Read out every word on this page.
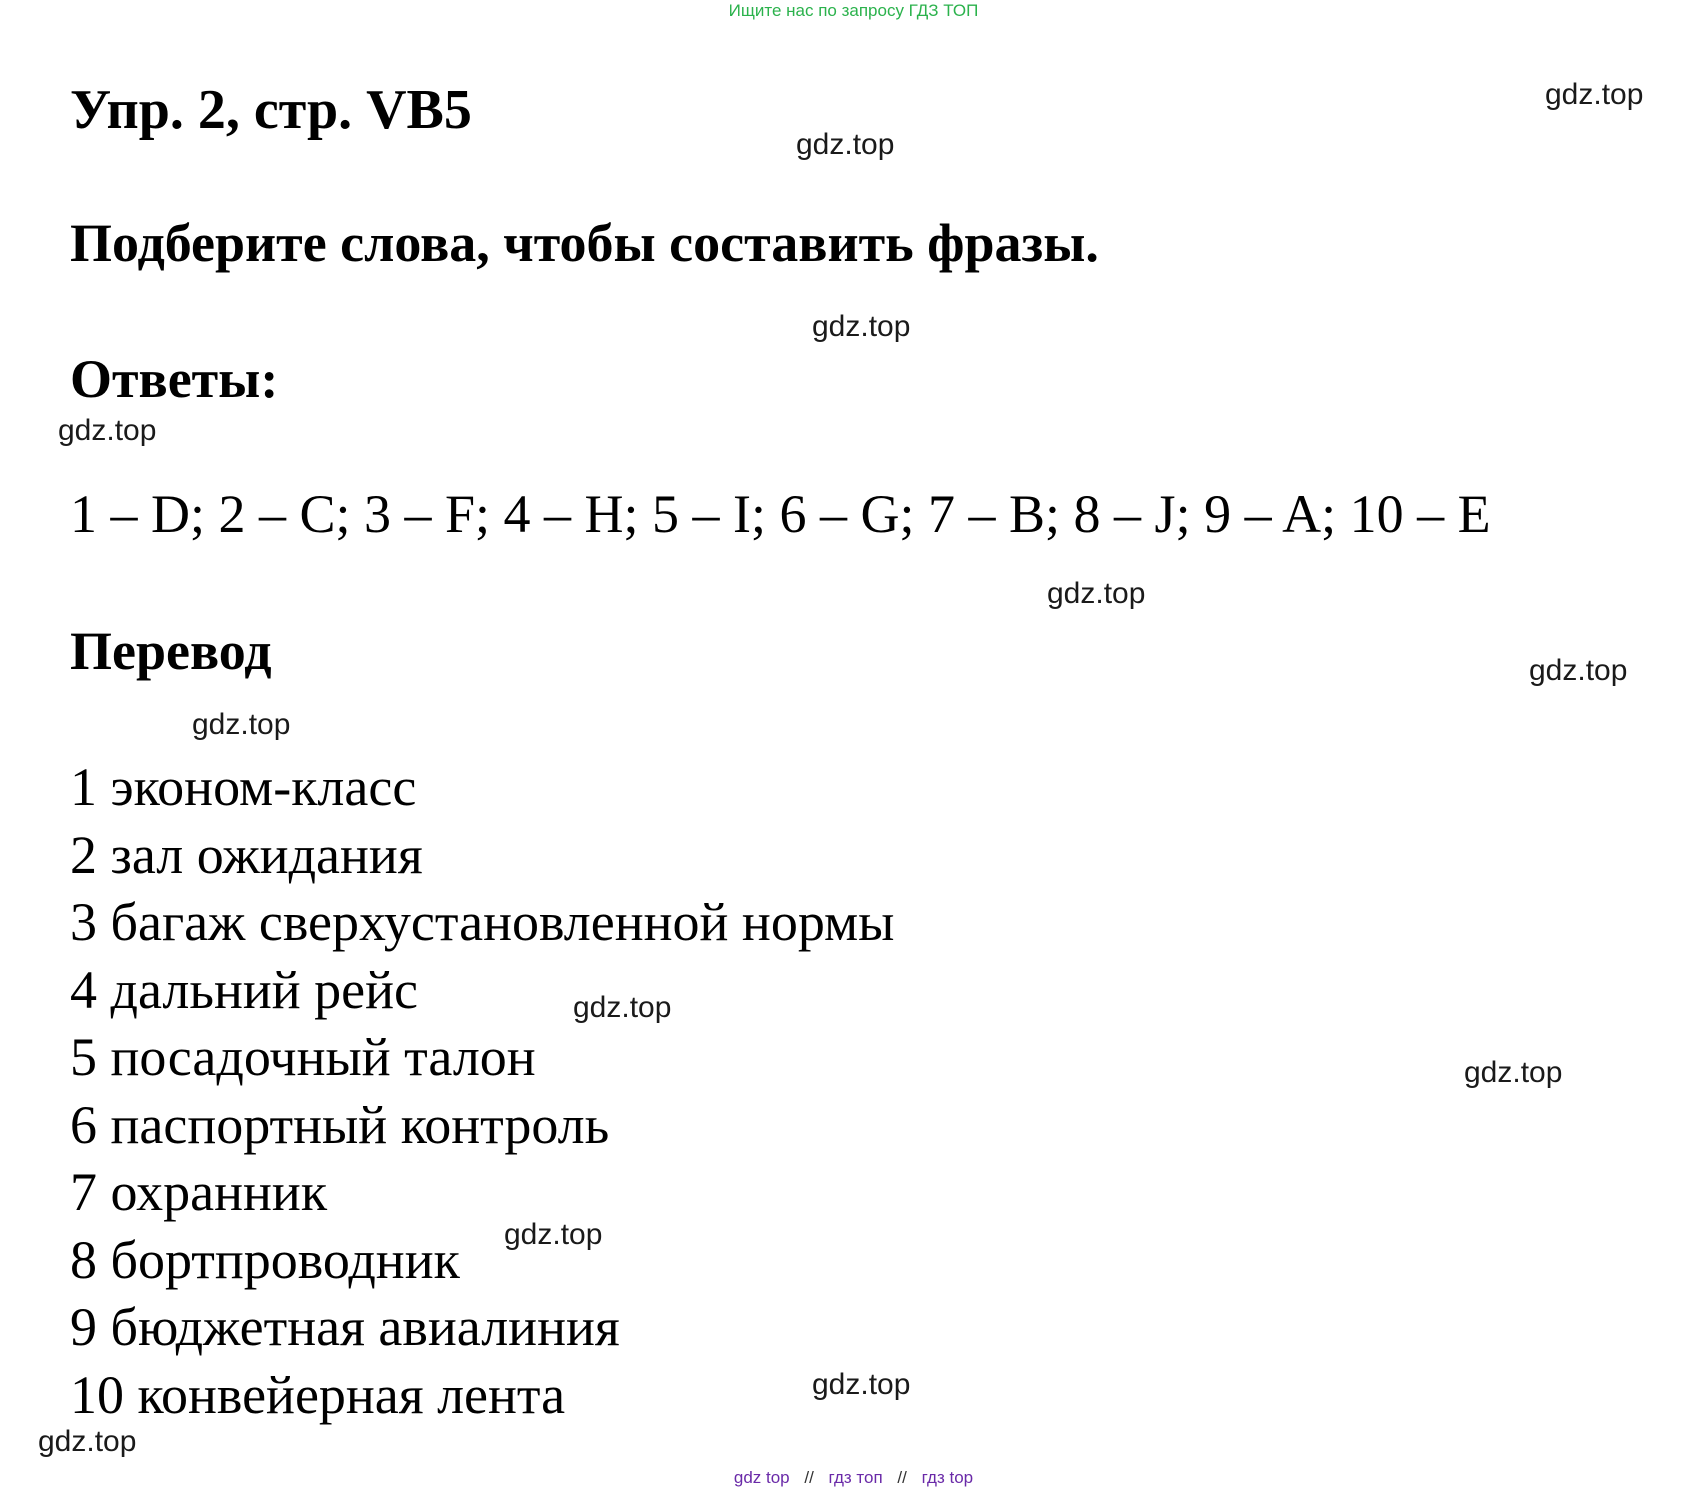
Ищите нас по запросу ГДЗ ТОП
Упр. 2, стр. VB5
Подберите слова, чтобы составить фразы.
Ответы:
1 – D; 2 – C; 3 – F; 4 – H; 5 – I; 6 – G; 7 – B; 8 – J; 9 – A; 10 – E
Перевод
1 эконом-класс
2 зал ожидания
3 багаж сверхустановленной нормы
4 дальний рейс
5 посадочный талон
6 паспортный контроль
7 охранник
8 бортпроводник
9 бюджетная авиалиния
10 конвейерная лента
gdz.top
gdz.top
gdz.top
gdz.top
gdz.top
gdz.top
gdz.top
gdz.top
gdz.top
gdz.top
gdz.top
gdz.top
gdz top // гдз топ // гдз top
